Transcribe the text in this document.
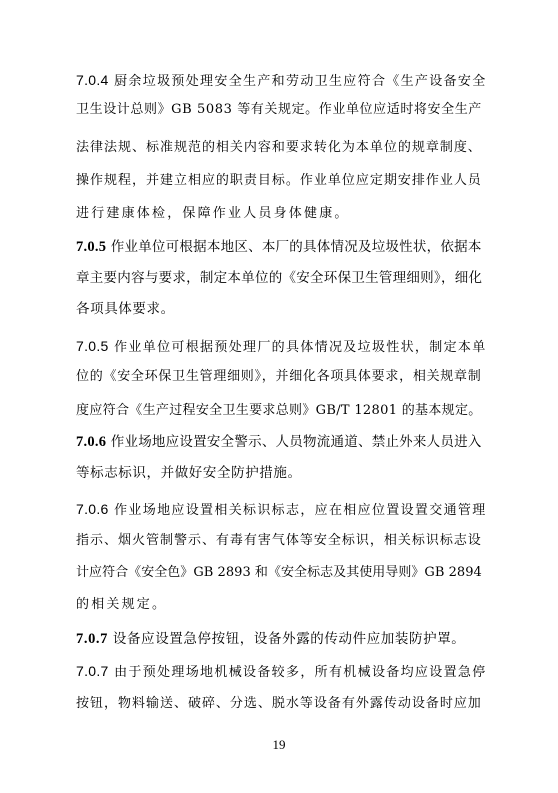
7.0.4 厨余垃圾预处理安全生产和劳动卫生应符合《生产设备安全
卫生设计总则》GB 5083 等有关规定。作业单位应适时将安全生产
法律法规、标准规范的相关内容和要求转化为本单位的规章制度、
操作规程，并建立相应的职责目标。作业单位应定期安排作业人员
进行建康体检，保障作业人员身体健康。
7.0.5 作业单位可根据本地区、本厂的具体情况及垃圾性状，依据本
章主要内容与要求，制定本单位的《安全环保卫生管理细则》，细化
各项具体要求。
7.0.5 作业单位可根据预处理厂的具体情况及垃圾性状，制定本单
位的《安全环保卫生管理细则》，并细化各项具体要求，相关规章制
度应符合《生产过程安全卫生要求总则》GB/T 12801 的基本规定。
7.0.6 作业场地应设置安全警示、人员物流通道、禁止外来人员进入
等标志标识，并做好安全防护措施。
7.0.6 作业场地应设置相关标识标志，应在相应位置设置交通管理
指示、烟火管制警示、有毒有害气体等安全标识，相关标识标志设
计应符合《安全色》GB 2893 和《安全标志及其使用导则》GB 2894
的相关规定。
7.0.7 设备应设置急停按钮，设备外露的传动件应加装防护罩。
7.0.7 由于预处理场地机械设备较多，所有机械设备均应设置急停
按钮，物料输送、破碎、分选、脱水等设备有外露传动设备时应加
19
